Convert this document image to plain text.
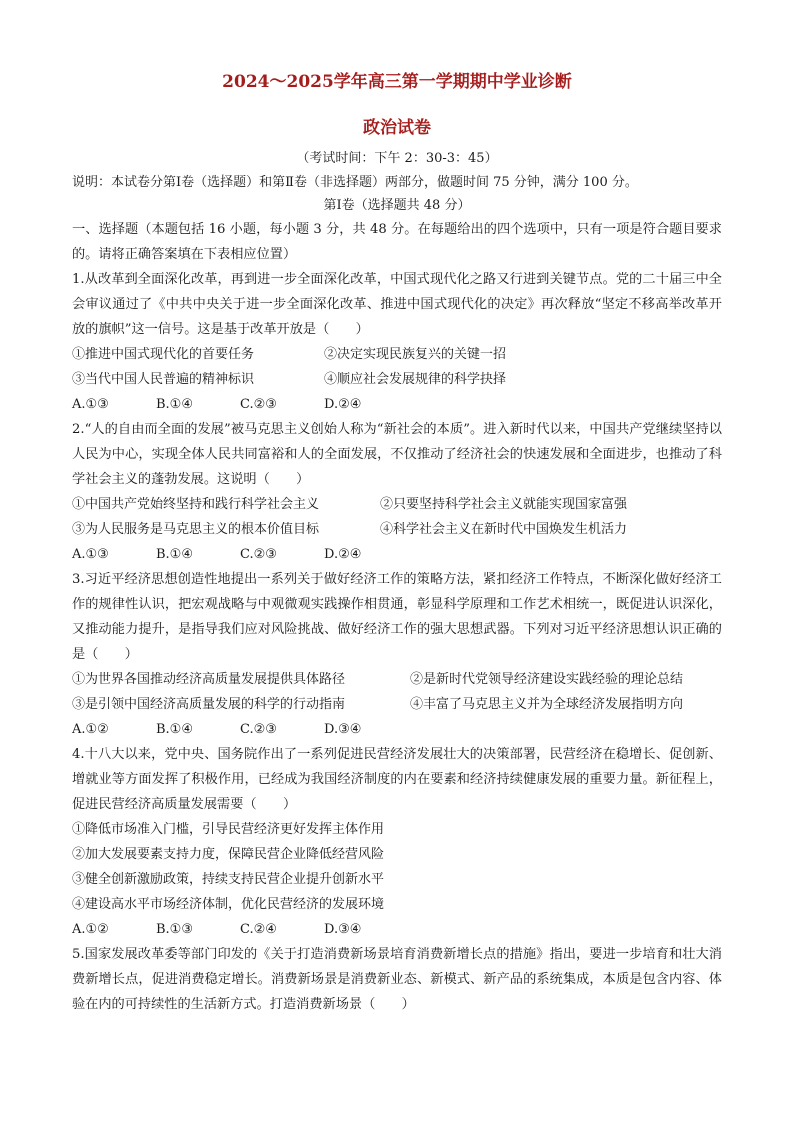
2024～2025学年高三第一学期期中学业诊断
政治试卷
（考试时间：下午 2：30-3：45）
说明：本试卷分第Ⅰ卷（选择题）和第Ⅱ卷（非选择题）两部分，做题时间 75 分钟，满分 100 分。
第Ⅰ卷（选择题共 48 分）
一、选择题（本题包括 16 小题，每小题 3 分，共 48 分。在每题给出的四个选项中，只有一项是符合题目要求的。请将正确答案填在下表相应位置）
1.从改革到全面深化改革，再到进一步全面深化改革，中国式现代化之路又行进到关键节点。党的二十届三中全会审议通过了《中共中央关于进一步全面深化改革、推进中国式现代化的决定》再次释放“坚定不移高举改革开放的旗帜”这一信号。这是基于改革开放是（　　）
①推进中国式现代化的首要任务	②决定实现民族复兴的关键一招
③当代中国人民普遍的精神标识	④顺应社会发展规律的科学抉择
A.①③	B.①④	C.②③	D.②④
2.“人的自由而全面的发展”被马克思主义创始人称为“新社会的本质”。进入新时代以来，中国共产党继续坚持以人民为中心，实现全体人民共同富裕和人的全面发展，不仅推动了经济社会的快速发展和全面进步，也推动了科学社会主义的蓬勃发展。这说明（　　）
①中国共产党始终坚持和践行科学社会主义	②只要坚持科学社会主义就能实现国家富强
③为人民服务是马克思主义的根本价值目标	④科学社会主义在新时代中国焕发生机活力
A.①③	B.①④	C.②③	D.②④
3.习近平经济思想创造性地提出一系列关于做好经济工作的策略方法，紧扣经济工作特点，不断深化做好经济工作的规律性认识，把宏观战略与中观微观实践操作相贯通，彰显科学原理和工作艺术相统一，既促进认识深化，又推动能力提升，是指导我们应对风险挑战、做好经济工作的强大思想武器。下列对习近平经济思想认识正确的是（　　）
①为世界各国推动经济高质量发展提供具体路径	②是新时代党领导经济建设实践经验的理论总结
③是引领中国经济高质量发展的科学的行动指南	④丰富了马克思主义并为全球经济发展指明方向
A.①②	B.①④	C.②③	D.③④
4.十八大以来，党中央、国务院作出了一系列促进民营经济发展壮大的决策部署，民营经济在稳增长、促创新、增就业等方面发挥了积极作用，已经成为我国经济制度的内在要素和经济持续健康发展的重要力量。新征程上，促进民营经济高质量发展需要（　　）
①降低市场准入门槛，引导民营经济更好发挥主体作用
②加大发展要素支持力度，保障民营企业降低经营风险
③健全创新激励政策，持续支持民营企业提升创新水平
④建设高水平市场经济体制，优化民营经济的发展环境
A.①②	B.①③	C.②④	D.③④
5.国家发展改革委等部门印发的《关于打造消费新场景培育消费新增长点的措施》指出，要进一步培育和壮大消费新增长点，促进消费稳定增长。消费新场景是消费新业态、新模式、新产品的系统集成，本质是包含内容、体验在内的可持续性的生活新方式。打造消费新场景（　　）
